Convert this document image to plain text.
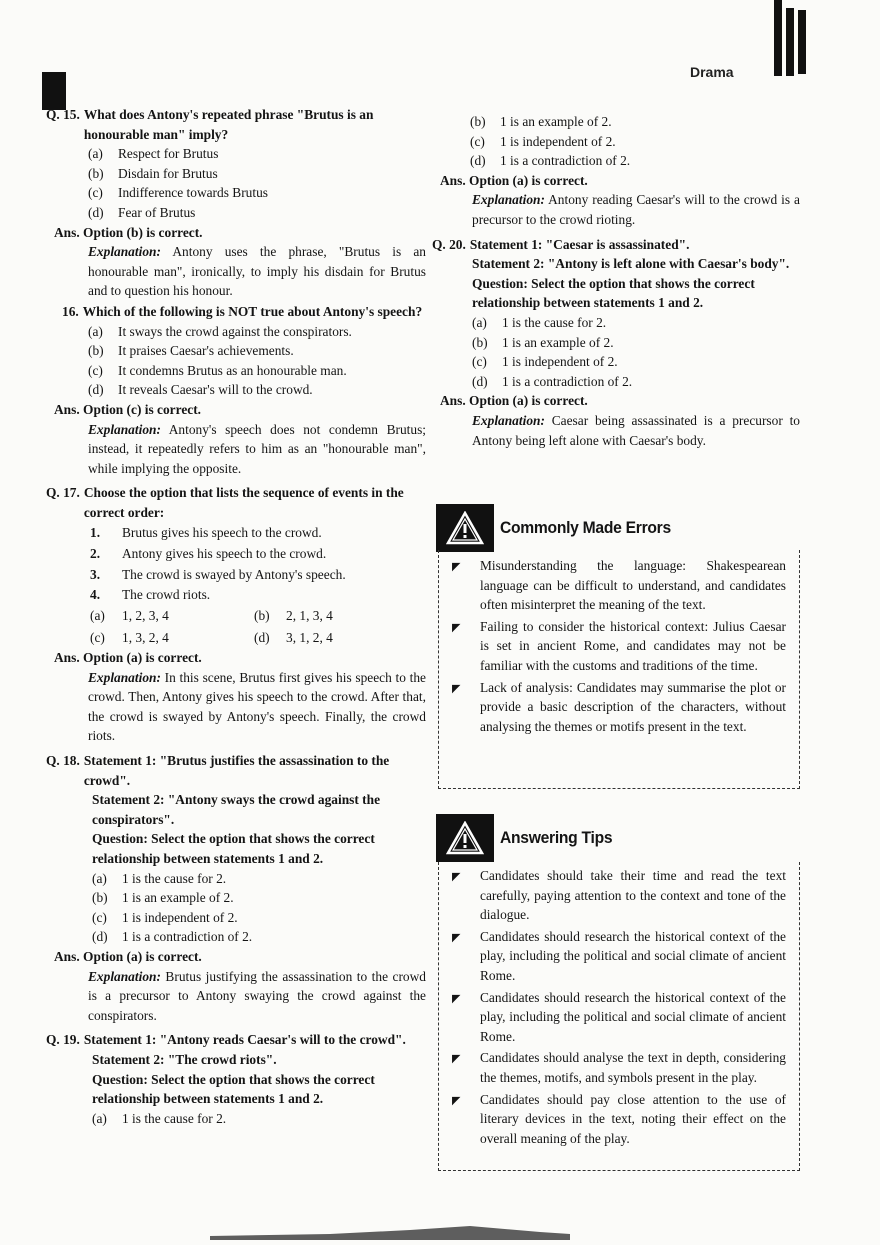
Drama
Q. 15. What does Antony's repeated phrase "Brutus is an honourable man" imply?
(a)	Respect for Brutus
(b)	Disdain for Brutus
(c)	Indifference towards Brutus
(d)	Fear of Brutus
Ans. Option (b) is correct.
Explanation: Antony uses the phrase, "Brutus is an honourable man", ironically, to imply his disdain for Brutus and to question his honour.
16. Which of the following is NOT true about Antony's speech?
(a)	It sways the crowd against the conspirators.
(b)	It praises Caesar's achievements.
(c)	It condemns Brutus as an honourable man.
(d)	It reveals Caesar's will to the crowd.
Ans. Option (c) is correct.
Explanation: Antony's speech does not condemn Brutus; instead, it repeatedly refers to him as an "honourable man", while implying the opposite.
Q. 17. Choose the option that lists the sequence of events in the correct order:
1.	Brutus gives his speech to the crowd.
2.	Antony gives his speech to the crowd.
3.	The crowd is swayed by Antony's speech.
4.	The crowd riots.
(a)	1, 2, 3, 4	(b)	2, 1, 3, 4
(c)	1, 3, 2, 4	(d)	3, 1, 2, 4
Ans. Option (a) is correct.
Explanation: In this scene, Brutus first gives his speech to the crowd. Then, Antony gives his speech to the crowd. After that, the crowd is swayed by Antony's speech. Finally, the crowd riots.
Q. 18. Statement 1: "Brutus justifies the assassination to the crowd".
Statement 2: "Antony sways the crowd against the conspirators".
Question: Select the option that shows the correct relationship between statements 1 and 2.
(a)	1 is the cause for 2.
(b)	1 is an example of 2.
(c)	1 is independent of 2.
(d)	1 is a contradiction of 2.
Ans. Option (a) is correct.
Explanation: Brutus justifying the assassination to the crowd is a precursor to Antony swaying the crowd against the conspirators.
Q. 19. Statement 1: "Antony reads Caesar's will to the crowd".
Statement 2: "The crowd riots".
Question: Select the option that shows the correct relationship between statements 1 and 2.
(a)	1 is the cause for 2.
(b)	1 is an example of 2.
(c)	1 is independent of 2.
(d)	1 is a contradiction of 2.
Ans. Option (a) is correct.
Explanation: Antony reading Caesar's will to the crowd is a precursor to the crowd rioting.
Q. 20. Statement 1: "Caesar is assassinated".
Statement 2: "Antony is left alone with Caesar's body".
Question: Select the option that shows the correct relationship between statements 1 and 2.
(a)	1 is the cause for 2.
(b)	1 is an example of 2.
(c)	1 is independent of 2.
(d)	1 is a contradiction of 2.
Ans. Option (a) is correct.
Explanation: Caesar being assassinated is a precursor to Antony being left alone with Caesar's body.
Commonly Made Errors
◤	Misunderstanding the language: Shakespearean language can be difficult to understand, and candidates often misinterpret the meaning of the text.
◤	Failing to consider the historical context: Julius Caesar is set in ancient Rome, and candidates may not be familiar with the customs and traditions of the time.
◤	Lack of analysis: Candidates may summarise the plot or provide a basic description of the characters, without analysing the themes or motifs present in the text.
Answering Tips
◤	Candidates should take their time and read the text carefully, paying attention to the context and tone of the dialogue.
◤	Candidates should research the historical context of the play, including the political and social climate of ancient Rome.
◤	Candidates should research the historical context of the play, including the political and social climate of ancient Rome.
◤	Candidates should analyse the text in depth, considering the themes, motifs, and symbols present in the play.
◤	Candidates should pay close attention to the use of literary devices in the text, noting their effect on the overall meaning of the play.
